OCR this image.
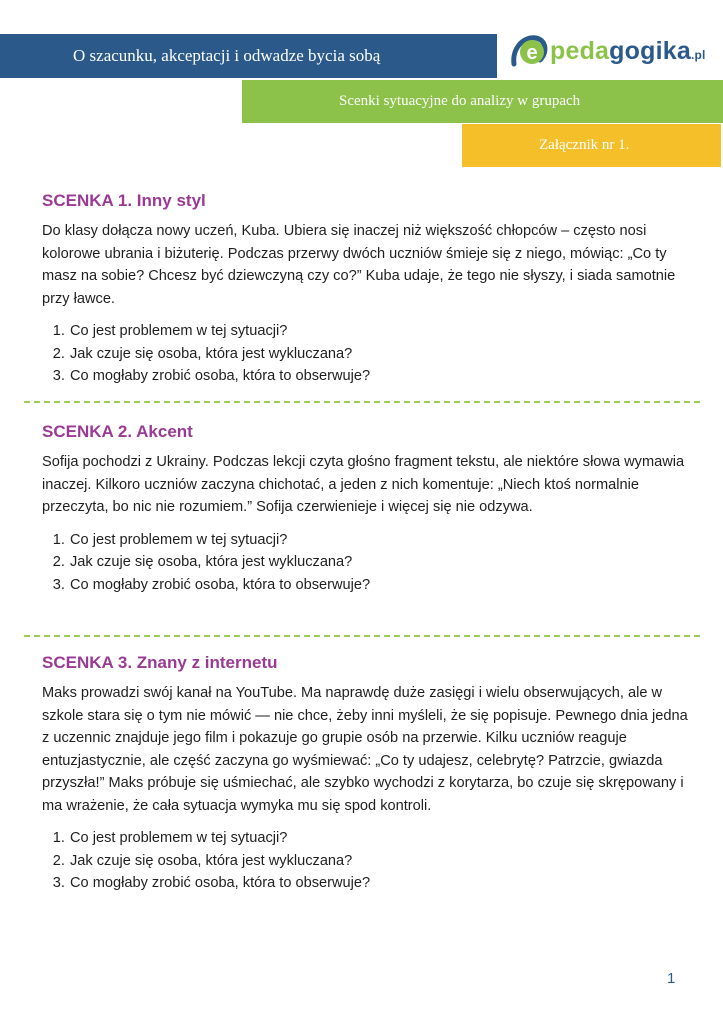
O szacunku, akceptacji i odwadze bycia sobą	e pedagogika.pl
Scenki sytuacyjne do analizy w grupach
Załącznik nr 1.
SCENKA 1. Inny styl

Do klasy dołącza nowy uczeń, Kuba. Ubiera się inaczej niż większość chłopców – często nosi kolorowe ubrania i biżuterię. Podczas przerwy dwóch uczniów śmieje się z niego, mówiąc: „Co ty masz na sobie? Chcesz być dziewczyną czy co?” Kuba udaje, że tego nie słyszy, i siada samotnie przy ławce.

1. Co jest problemem w tej sytuacji?
2. Jak czuje się osoba, która jest wykluczana?
3. Co mogłaby zrobić osoba, która to obserwuje?
SCENKA 2. Akcent

Sofija pochodzi z Ukrainy. Podczas lekcji czyta głośno fragment tekstu, ale niektóre słowa wymawia inaczej. Kilkoro uczniów zaczyna chichotać, a jeden z nich komentuje: „Niech ktoś normalnie przeczyta, bo nic nie rozumiem.” Sofija czerwienieje i więcej się nie odzywa.

1. Co jest problemem w tej sytuacji?
2. Jak czuje się osoba, która jest wykluczana?
3. Co mogłaby zrobić osoba, która to obserwuje?
SCENKA 3. Znany z internetu

Maks prowadzi swój kanał na YouTube. Ma naprawdę duże zasięgi i wielu obserwujących, ale w szkole stara się o tym nie mówić — nie chce, żeby inni myśleli, że się popisuje. Pewnego dnia jedna z uczennic znajduje jego film i pokazuje go grupie osób na przerwie. Kilku uczniów reaguje entuzjastycznie, ale część zaczyna go wyśmiewać: „Co ty udajesz, celebrytę? Patrzcie, gwiazda przyszła!” Maks próbuje się uśmiechać, ale szybko wychodzi z korytarza, bo czuje się skrępowany i ma wrażenie, że cała sytuacja wymyka mu się spod kontroli.

1. Co jest problemem w tej sytuacji?
2. Jak czuje się osoba, która jest wykluczana?
3. Co mogłaby zrobić osoba, która to obserwuje?
1
